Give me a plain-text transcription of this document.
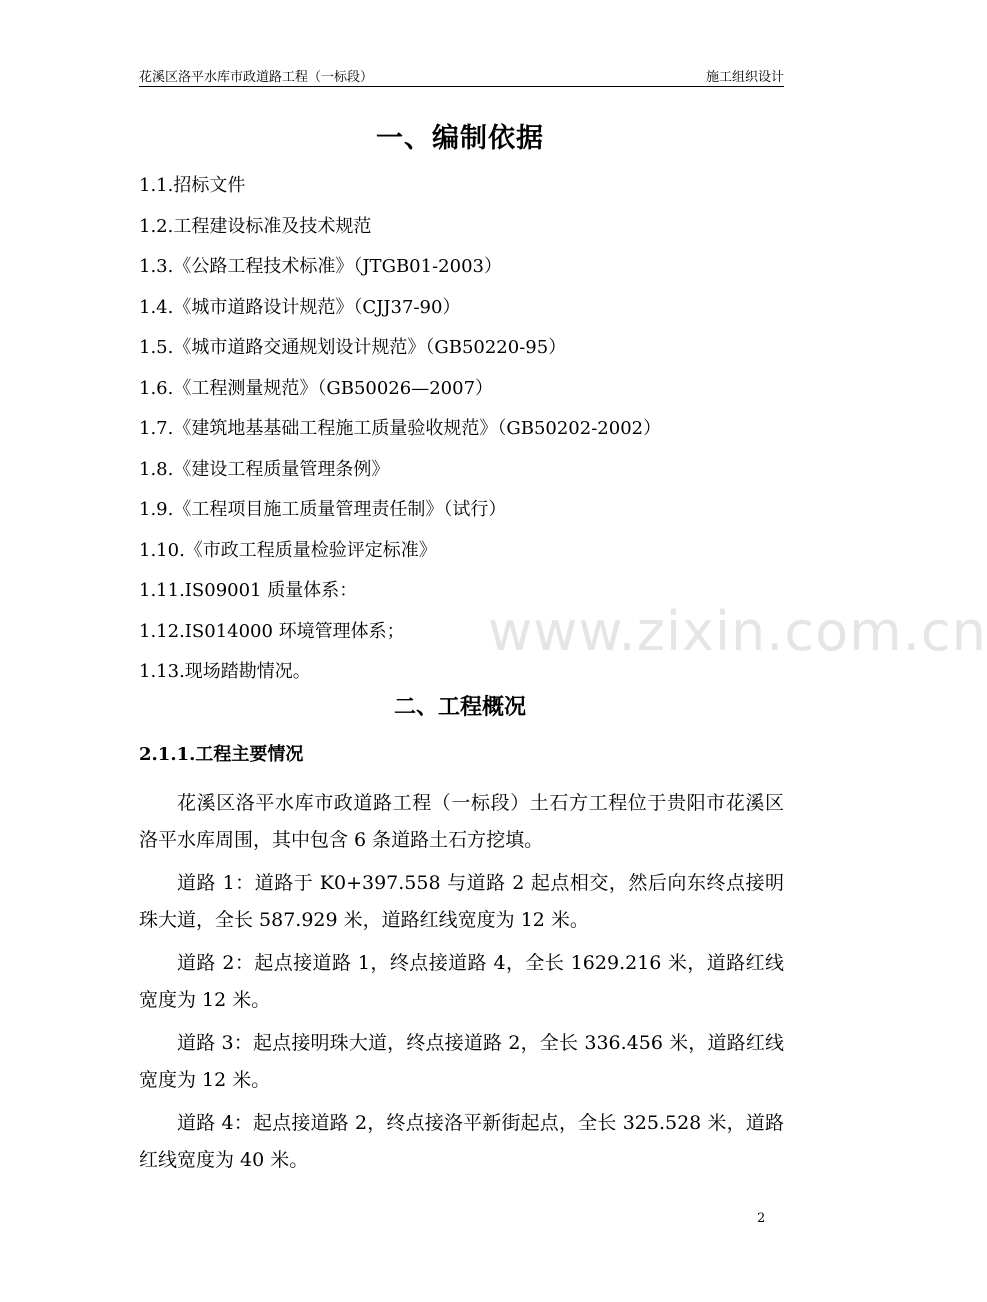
花溪区洛平水库市政道路工程（一标段）	施工组织设计
一、编制依据
1.1.招标文件
1.2.工程建设标准及技术规范
1.3.《公路工程技术标准》（JTGB01-2003）
1.4.《城市道路设计规范》（CJJ37-90）
1.5.《城市道路交通规划设计规范》（GB50220-95）
1.6.《工程测量规范》（GB50026—2007）
1.7.《建筑地基基础工程施工质量验收规范》（GB50202-2002）
1.8.《建设工程质量管理条例》
1.9.《工程项目施工质量管理责任制》（试行）
1.10.《市政工程质量检验评定标准》
1.11.IS09001 质量体系：
1.12.IS014000 环境管理体系；
1.13.现场踏勘情况。
www.zixin.com.cn
二、工程概况
2.1.1.工程主要情况

花溪区洛平水库市政道路工程（一标段）土石方工程位于贵阳市花溪区洛平水库周围，其中包含 6 条道路土石方挖填。

道路 1：道路于 K0+397.558 与道路 2 起点相交，然后向东终点接明珠大道，全长 587.929 米，道路红线宽度为 12 米。

道路 2：起点接道路 1，终点接道路 4，全长 1629.216 米，道路红线宽度为 12 米。

道路 3：起点接明珠大道，终点接道路 2，全长 336.456 米，道路红线宽度为 12 米。

道路 4：起点接道路 2，终点接洛平新街起点，全长 325.528 米，道路红线宽度为 40 米。

2
